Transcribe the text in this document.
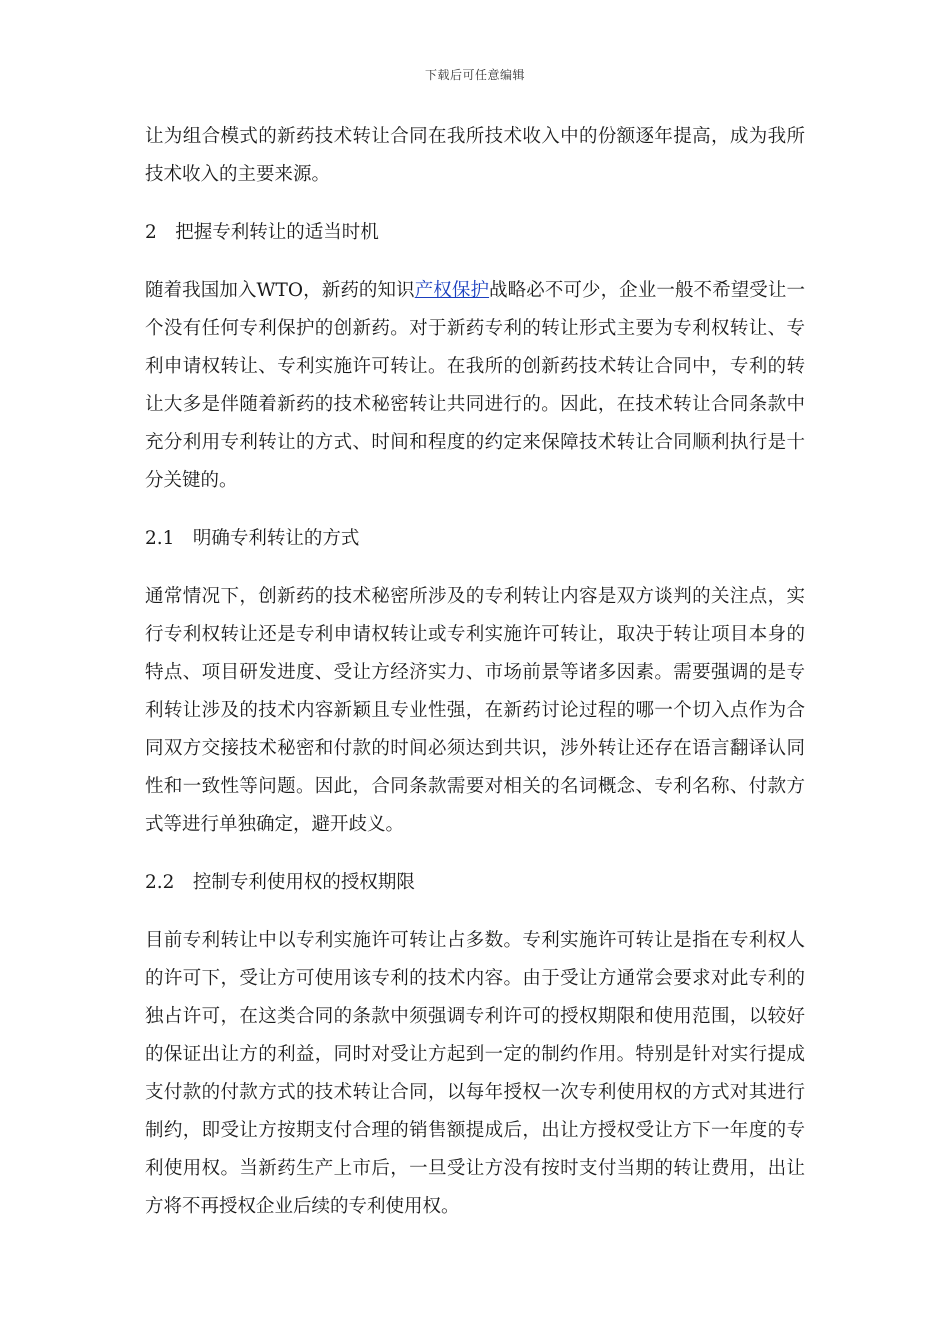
下载后可任意编辑

让为组合模式的新药技术转让合同在我所技术收入中的份额逐年提高，成为我所技术收入的主要来源。

2　把握专利转让的适当时机

随着我国加入WTO，新药的知识产权保护战略必不可少，企业一般不希望受让一个没有任何专利保护的创新药。对于新药专利的转让形式主要为专利权转让、专利申请权转让、专利实施许可转让。在我所的创新药技术转让合同中，专利的转让大多是伴随着新药的技术秘密转让共同进行的。因此，在技术转让合同条款中充分利用专利转让的方式、时间和程度的约定来保障技术转让合同顺利执行是十分关键的。

2.1　明确专利转让的方式

通常情况下，创新药的技术秘密所涉及的专利转让内容是双方谈判的关注点，实行专利权转让还是专利申请权转让或专利实施许可转让，取决于转让项目本身的特点、项目研发进度、受让方经济实力、市场前景等诸多因素。需要强调的是专利转让涉及的技术内容新颖且专业性强，在新药讨论过程的哪一个切入点作为合同双方交接技术秘密和付款的时间必须达到共识，涉外转让还存在语言翻译认同性和一致性等问题。因此，合同条款需要对相关的名词概念、专利名称、付款方式等进行单独确定，避开歧义。

2.2　控制专利使用权的授权期限

目前专利转让中以专利实施许可转让占多数。专利实施许可转让是指在专利权人的许可下，受让方可使用该专利的技术内容。由于受让方通常会要求对此专利的独占许可，在这类合同的条款中须强调专利许可的授权期限和使用范围，以较好的保证出让方的利益，同时对受让方起到一定的制约作用。特别是针对实行提成支付款的付款方式的技术转让合同，以每年授权一次专利使用权的方式对其进行制约，即受让方按期支付合理的销售额提成后，出让方授权受让方下一年度的专利使用权。当新药生产上市后，一旦受让方没有按时支付当期的转让费用，出让方将不再授权企业后续的专利使用权。
